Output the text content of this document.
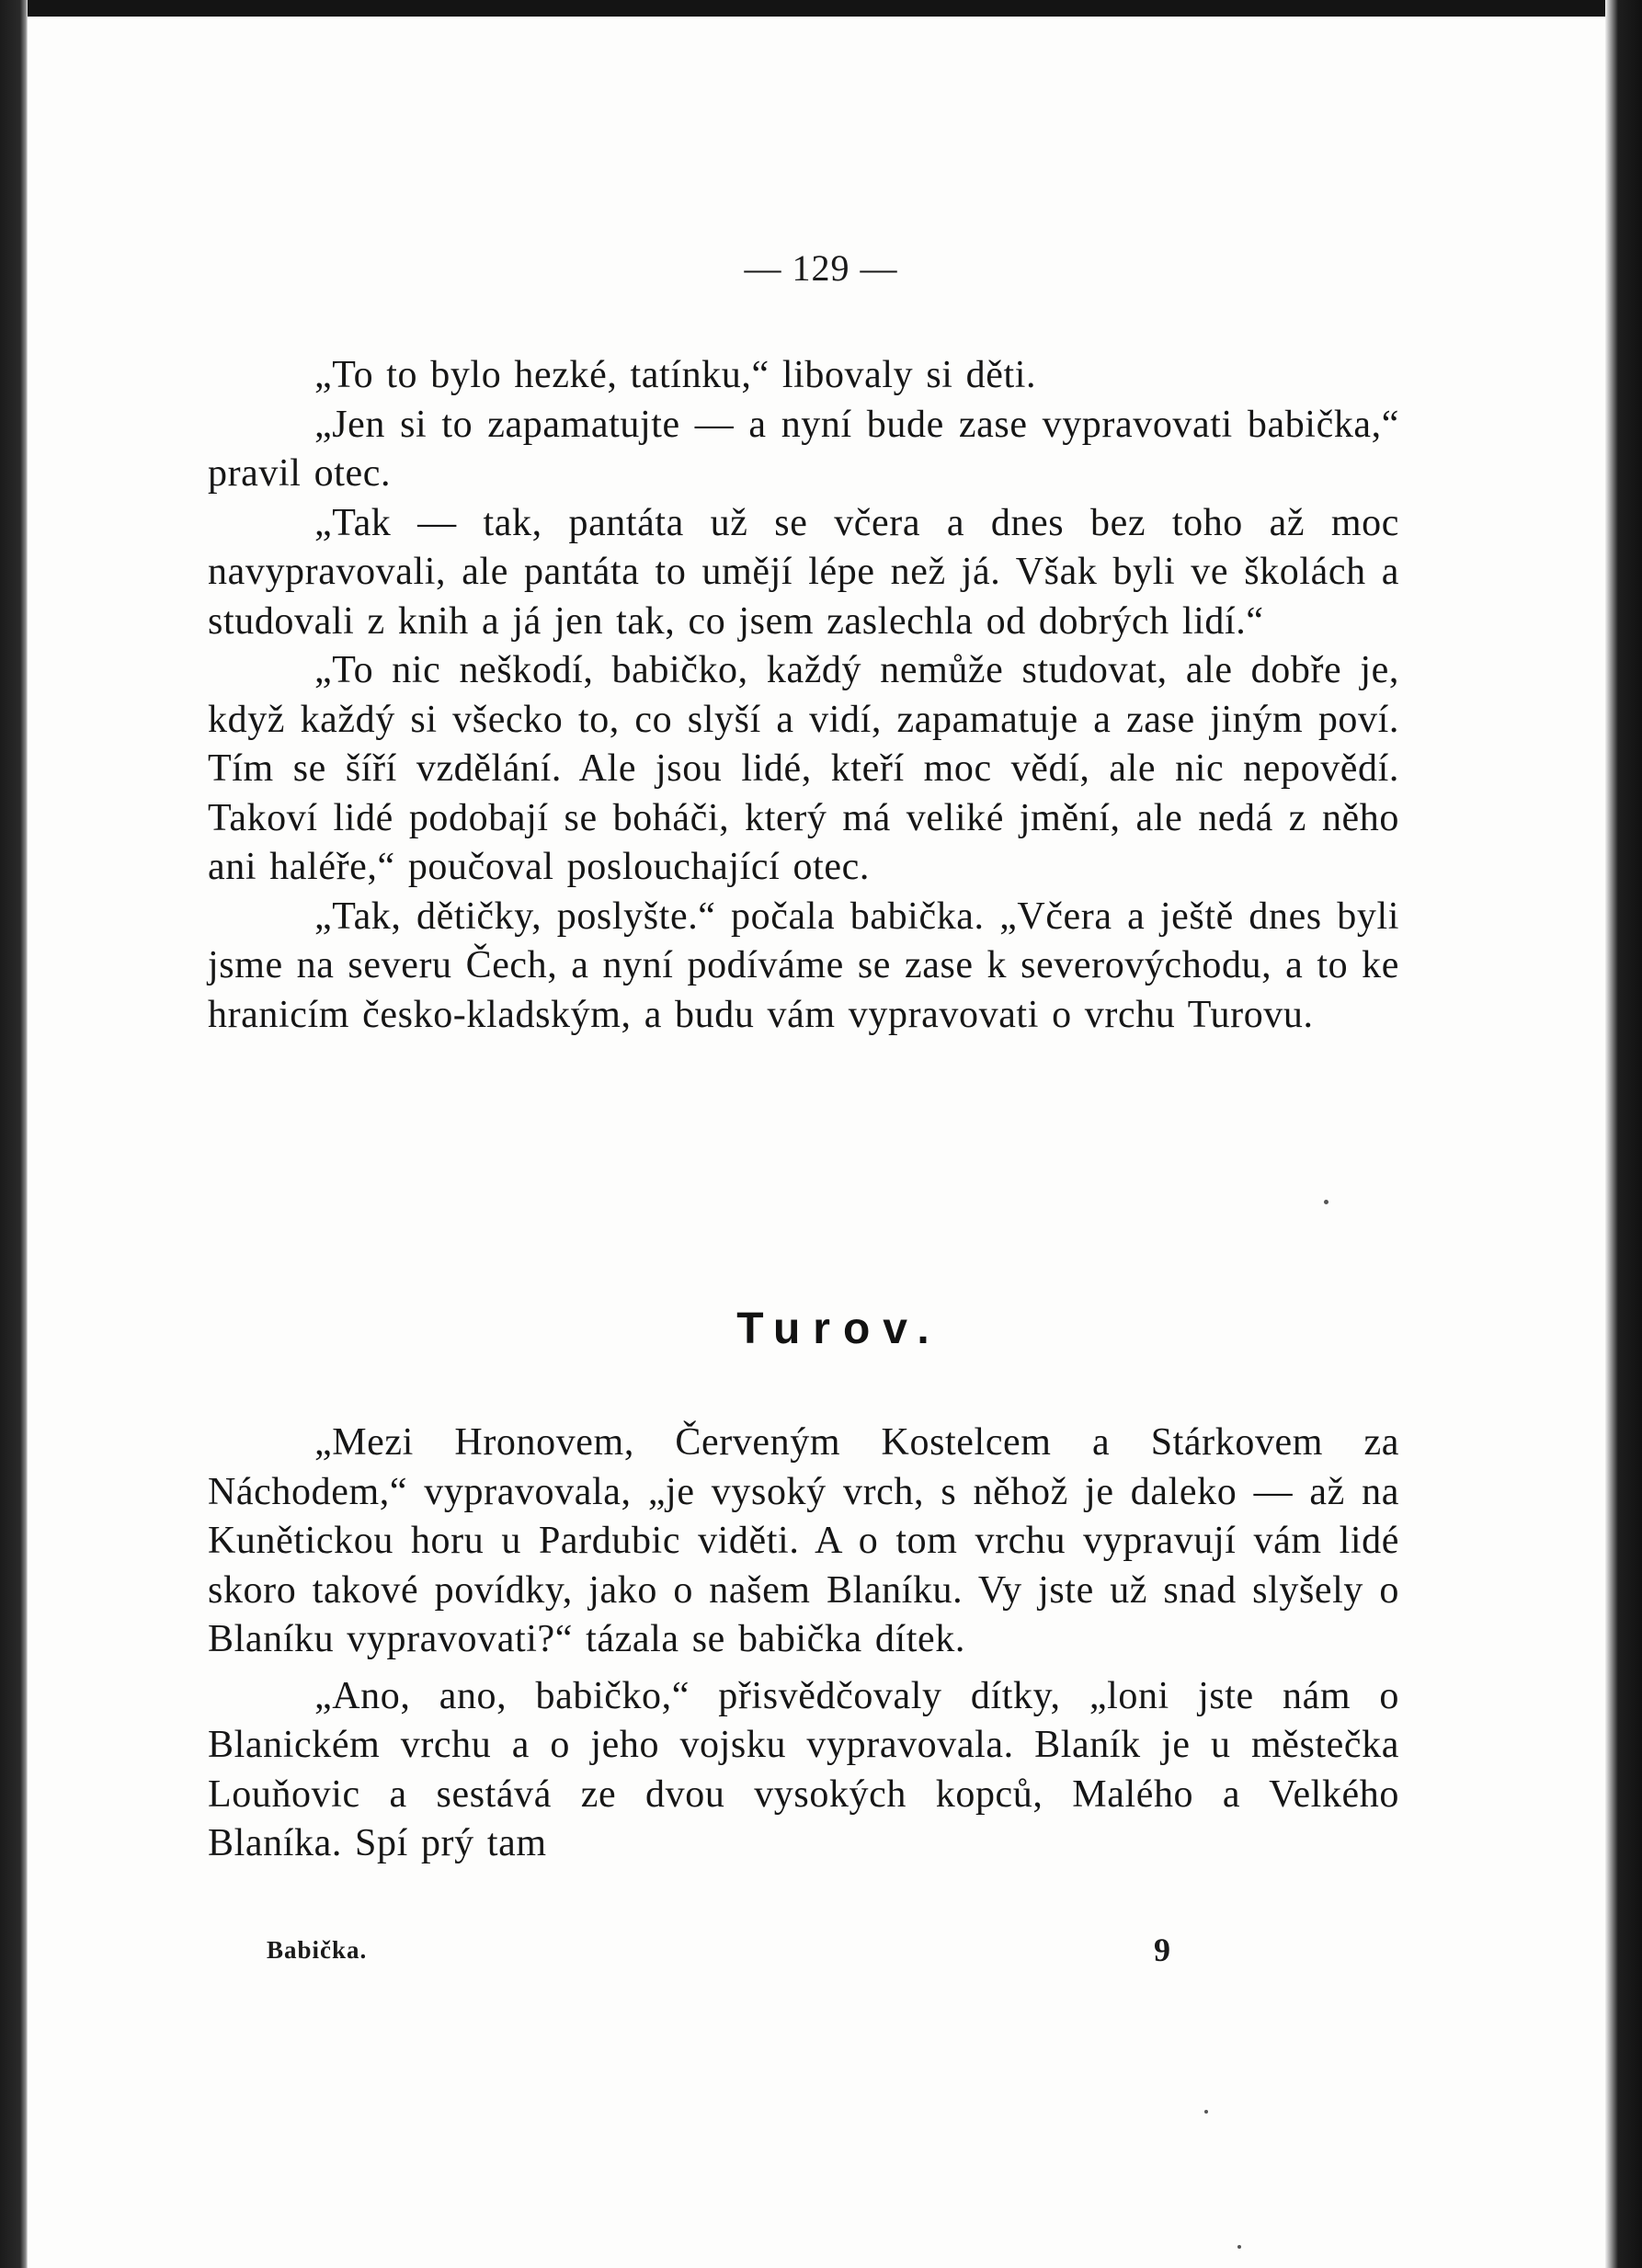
— 129 —

„To to bylo hezké, tatínku,“ libovaly si děti.

„Jen si to zapamatujte — a nyní bude zase vypravovati babička,“ pravil otec.

„Tak — tak, pantáta už se včera a dnes bez toho až moc navypravovali, ale pantáta to umějí lépe než já. Však byli ve školách a studovali z knih a já jen tak, co jsem zaslechla od dobrých lidí.“

„To nic neškodí, babičko, každý nemůže studovat, ale dobře je, když každý si všecko to, co slyší a vidí, zapamatuje a zase jiným poví. Tím se šíří vzdělání. Ale jsou lidé, kteří moc vědí, ale nic nepovědí. Takoví lidé podobají se boháči, který má veliké jmění, ale nedá z něho ani haléře,“ poučoval poslouchající otec.

„Tak, dětičky, poslyšte.“ počala babička. „Včera a ještě dnes byli jsme na severu Čech, a nyní podíváme se zase k severovýchodu, a to ke hranicím česko-kladským, a budu vám vypravovati o vrchu Turovu.

Turov.

„Mezi Hronovem, Červeným Kostelcem a Stárkovem za Náchodem,“ vypravovala, „je vysoký vrch, s něhož je daleko — až na Kunětickou horu u Pardubic viděti. A o tom vrchu vypravují vám lidé skoro takové povídky, jako o našem Blaníku. Vy jste už snad slyšely o Blaníku vypravovati?“ tázala se babička dítek.

„Ano, ano, babičko,“ přisvědčovaly dítky, „loni jste nám o Blanickém vrchu a o jeho vojsku vypravovala. Blaník je u městečka Louňovic a sestává ze dvou vysokých kopců, Malého a Velkého Blaníka. Spí prý tam

Babička.	9
